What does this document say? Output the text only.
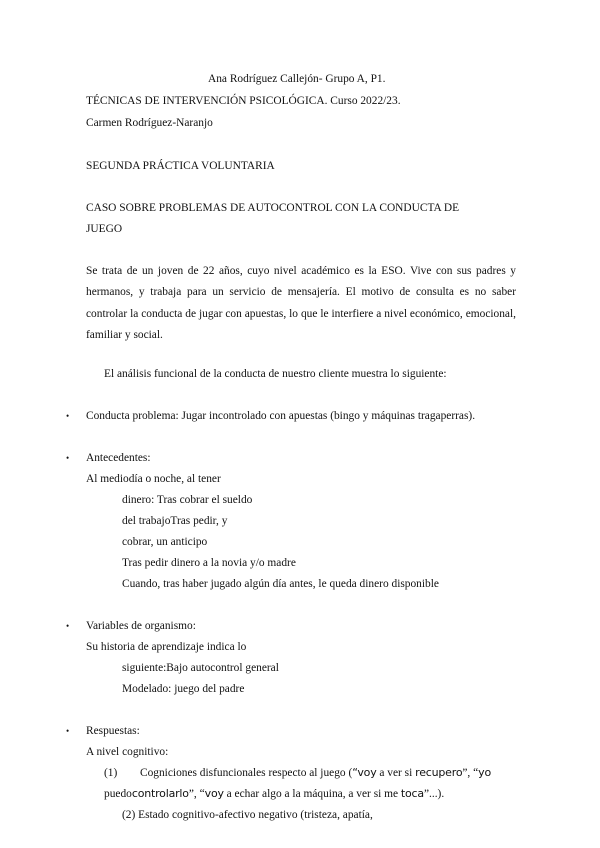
Ana Rodríguez Callejón- Grupo A, P1.
TÉCNICAS DE INTERVENCIÓN PSICOLÓGICA. Curso 2022/23.
Carmen Rodríguez-Naranjo
SEGUNDA PRÁCTICA VOLUNTARIA
CASO SOBRE PROBLEMAS DE AUTOCONTROL CON LA CONDUCTA DE
JUEGO
Se trata de un joven de 22 años, cuyo nivel académico es la ESO. Vive con sus padres y hermanos, y trabaja para un servicio de mensajería. El motivo de consulta es no saber controlar la conducta de jugar con apuestas, lo que le interfiere a nivel económico, emocional, familiar y social.
El análisis funcional de la conducta de nuestro cliente muestra lo siguiente:
• Conducta problema: Jugar incontrolado con apuestas (bingo y máquinas tragaperras).
• Antecedentes:
Al mediodía o noche, al tener
dinero: Tras cobrar el sueldo
del trabajoTras pedir, y
cobrar, un anticipo
Tras pedir dinero a la novia y/o madre
Cuando, tras haber jugado algún día antes, le queda dinero disponible
• Variables de organismo:
Su historia de aprendizaje indica lo
siguiente:Bajo autocontrol general
Modelado: juego del padre
• Respuestas:
A nivel cognitivo:
(1) Cogniciones disfuncionales respecto al juego (“voy a ver si recupero”, “yo
puedocontrolarlo”, “voy a echar algo a la máquina, a ver si me toca”...).
(2) Estado cognitivo-afectivo negativo (tristeza, apatía,
